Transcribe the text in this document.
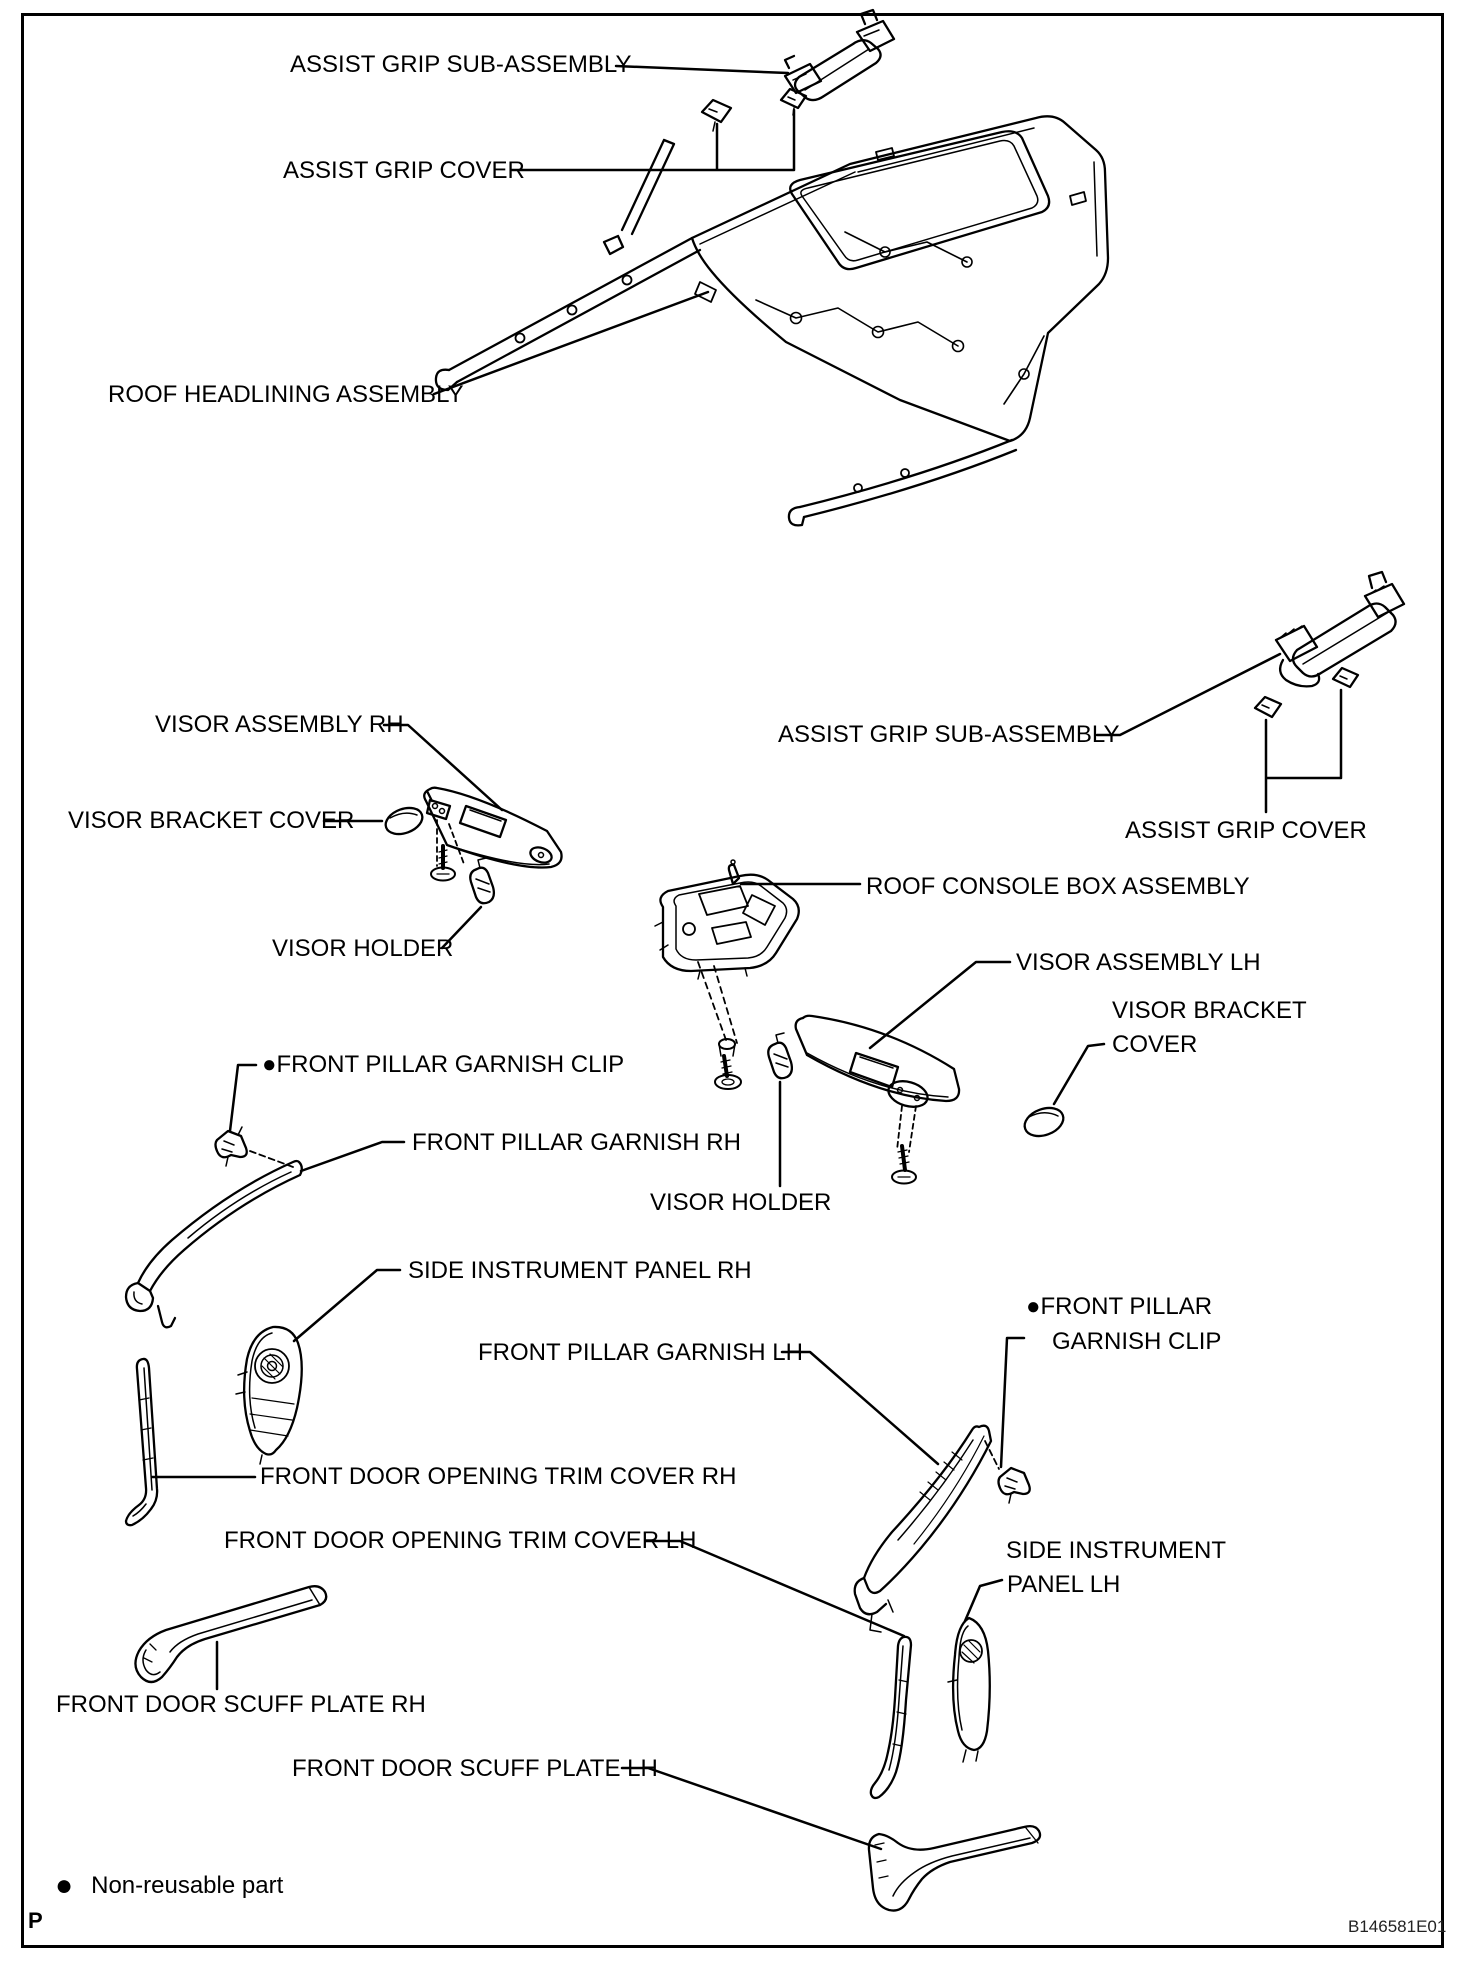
ASSIST GRIP SUB-ASSEMBLY
ASSIST GRIP COVER
ROOF HEADLINING ASSEMBLY
VISOR ASSEMBLY RH
VISOR BRACKET COVER
VISOR HOLDER
ASSIST GRIP SUB-ASSEMBLY
ASSIST GRIP COVER
ROOF CONSOLE BOX ASSEMBLY
VISOR ASSEMBLY LH
VISOR BRACKET
COVER
●FRONT PILLAR GARNISH CLIP
FRONT PILLAR GARNISH RH
VISOR HOLDER
SIDE INSTRUMENT PANEL RH
●FRONT PILLAR
GARNISH CLIP
FRONT PILLAR GARNISH LH
FRONT DOOR OPENING TRIM COVER RH
FRONT DOOR OPENING TRIM COVER LH	SIDE INSTRUMENT
PANEL LH
FRONT DOOR SCUFF PLATE RH
FRONT DOOR SCUFF PLATE LH
● Non-reusable part
P	B146581E01
